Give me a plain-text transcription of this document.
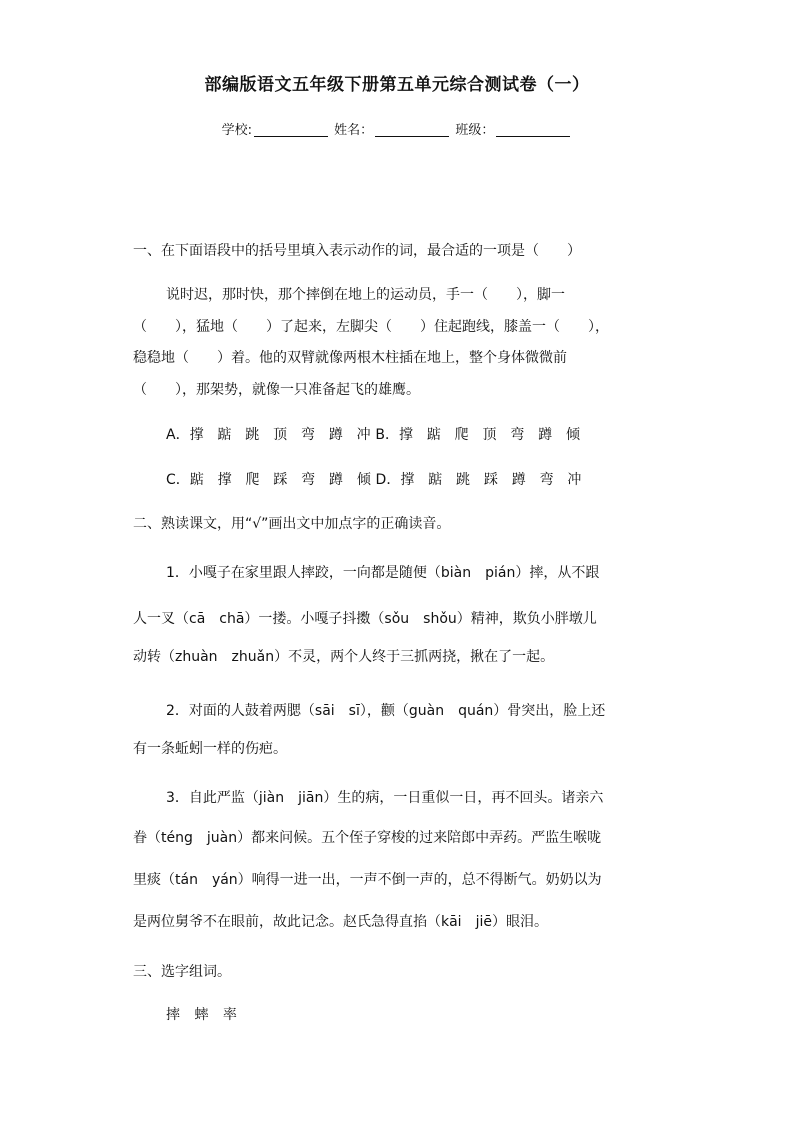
部编版语文五年级下册第五单元综合测试卷（一）
学校:	姓名：	班级：
一、在下面语段中的括号里填入表示动作的词，最合适的一项是（　　）
说时迟，那时快，那个摔倒在地上的运动员，手一（　　），脚一
（　　），猛地（　　）了起来，左脚尖（　　）住起跑线，膝盖一（　　），
稳稳地（　　）着。他的双臂就像两根木柱插在地上，整个身体微微前
（　　），那架势，就像一只准备起飞的雄鹰。
A．撑 踮 跳 顶 弯 蹲 冲 B．撑 踮 爬 顶 弯 蹲 倾
C．踮 撑 爬 踩 弯 蹲 倾 D．撑 踮 跳 踩 蹲 弯 冲
二、熟读课文，用“√”画出文中加点字的正确读音。
1．小嘎子在家里跟人摔跤，一向都是随便（biàn　pián）摔，从不跟
人一叉（cā　chā）一搂。小嘎子抖擞（sǒu　shǒu）精神，欺负小胖墩儿
动转（zhuàn　zhuǎn）不灵，两个人终于三抓两挠，揪在了一起。
2．对面的人鼓着两腮（sāi　sī），颧（guàn　quán）骨突出，脸上还
有一条蚯蚓一样的伤疤。
3．自此严监（jiàn　jiān）生的病，一日重似一日，再不回头。诸亲六
眷（téng　juàn）都来问候。五个侄子穿梭的过来陪郎中弄药。严监生喉咙
里痰（tán　yán）响得一进一出，一声不倒一声的，总不得断气。奶奶以为
是两位舅爷不在眼前，故此记念。赵氏急得直掐（kāi　jiē）眼泪。
三、选字组词。
摔 蟀 率
